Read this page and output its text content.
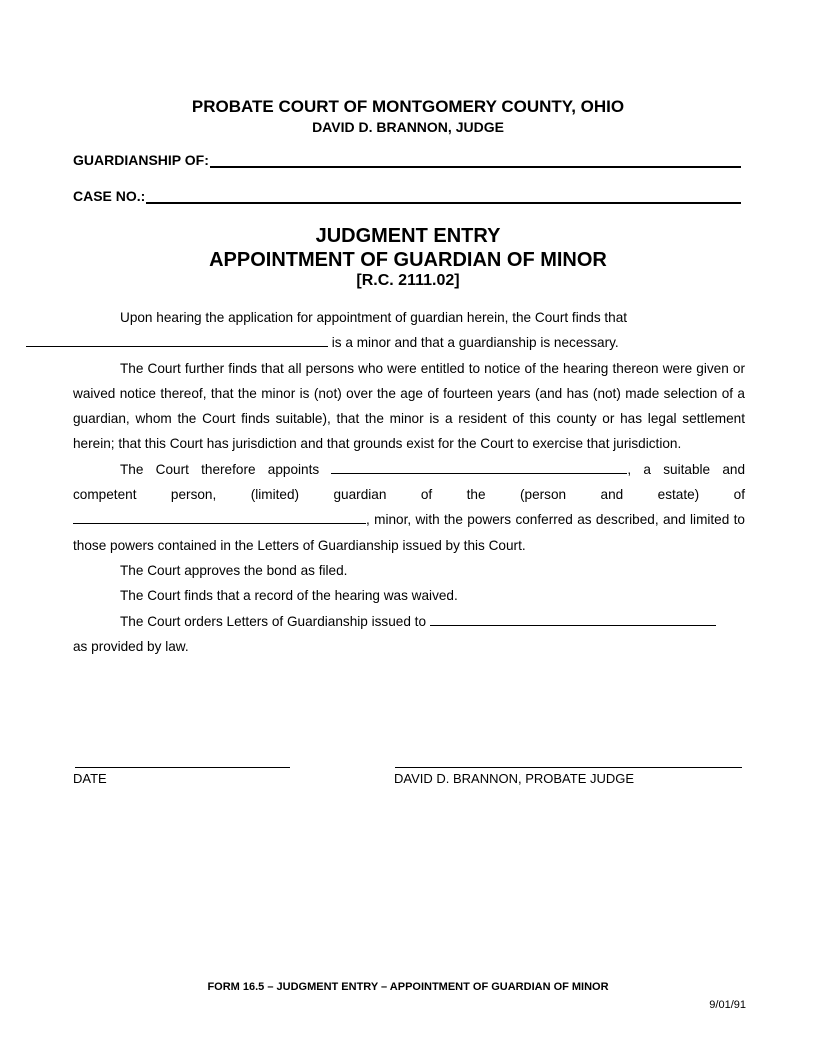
PROBATE COURT OF MONTGOMERY COUNTY, OHIO
DAVID D. BRANNON, JUDGE
GUARDIANSHIP OF:
CASE NO.:
JUDGMENT ENTRY
APPOINTMENT OF GUARDIAN OF MINOR
[R.C. 2111.02]

Upon hearing the application for appointment of guardian herein, the Court finds that
is a minor and that a guardianship is necessary.

The Court further finds that all persons who were entitled to notice of the hearing thereon were given or waived notice thereof, that the minor is (not) over the age of fourteen years (and has (not) made selection of a guardian, whom the Court finds suitable), that the minor is a resident of this county or has legal settlement herein; that this Court has jurisdiction and that grounds exist for the Court to exercise that jurisdiction.

The Court therefore appoints	, a suitable and competent person, (limited) guardian of the (person and estate) of , minor, with the powers conferred as described, and limited to those powers contained in the Letters of Guardianship issued by this Court.

The Court approves the bond as filed.

The Court finds that a record of the hearing was waived.

The Court orders Letters of Guardianship issued to

as provided by law.

DATE	DAVID D. BRANNON, PROBATE JUDGE
FORM 16.5 – JUDGMENT ENTRY – APPOINTMENT OF GUARDIAN OF MINOR
9/01/91
